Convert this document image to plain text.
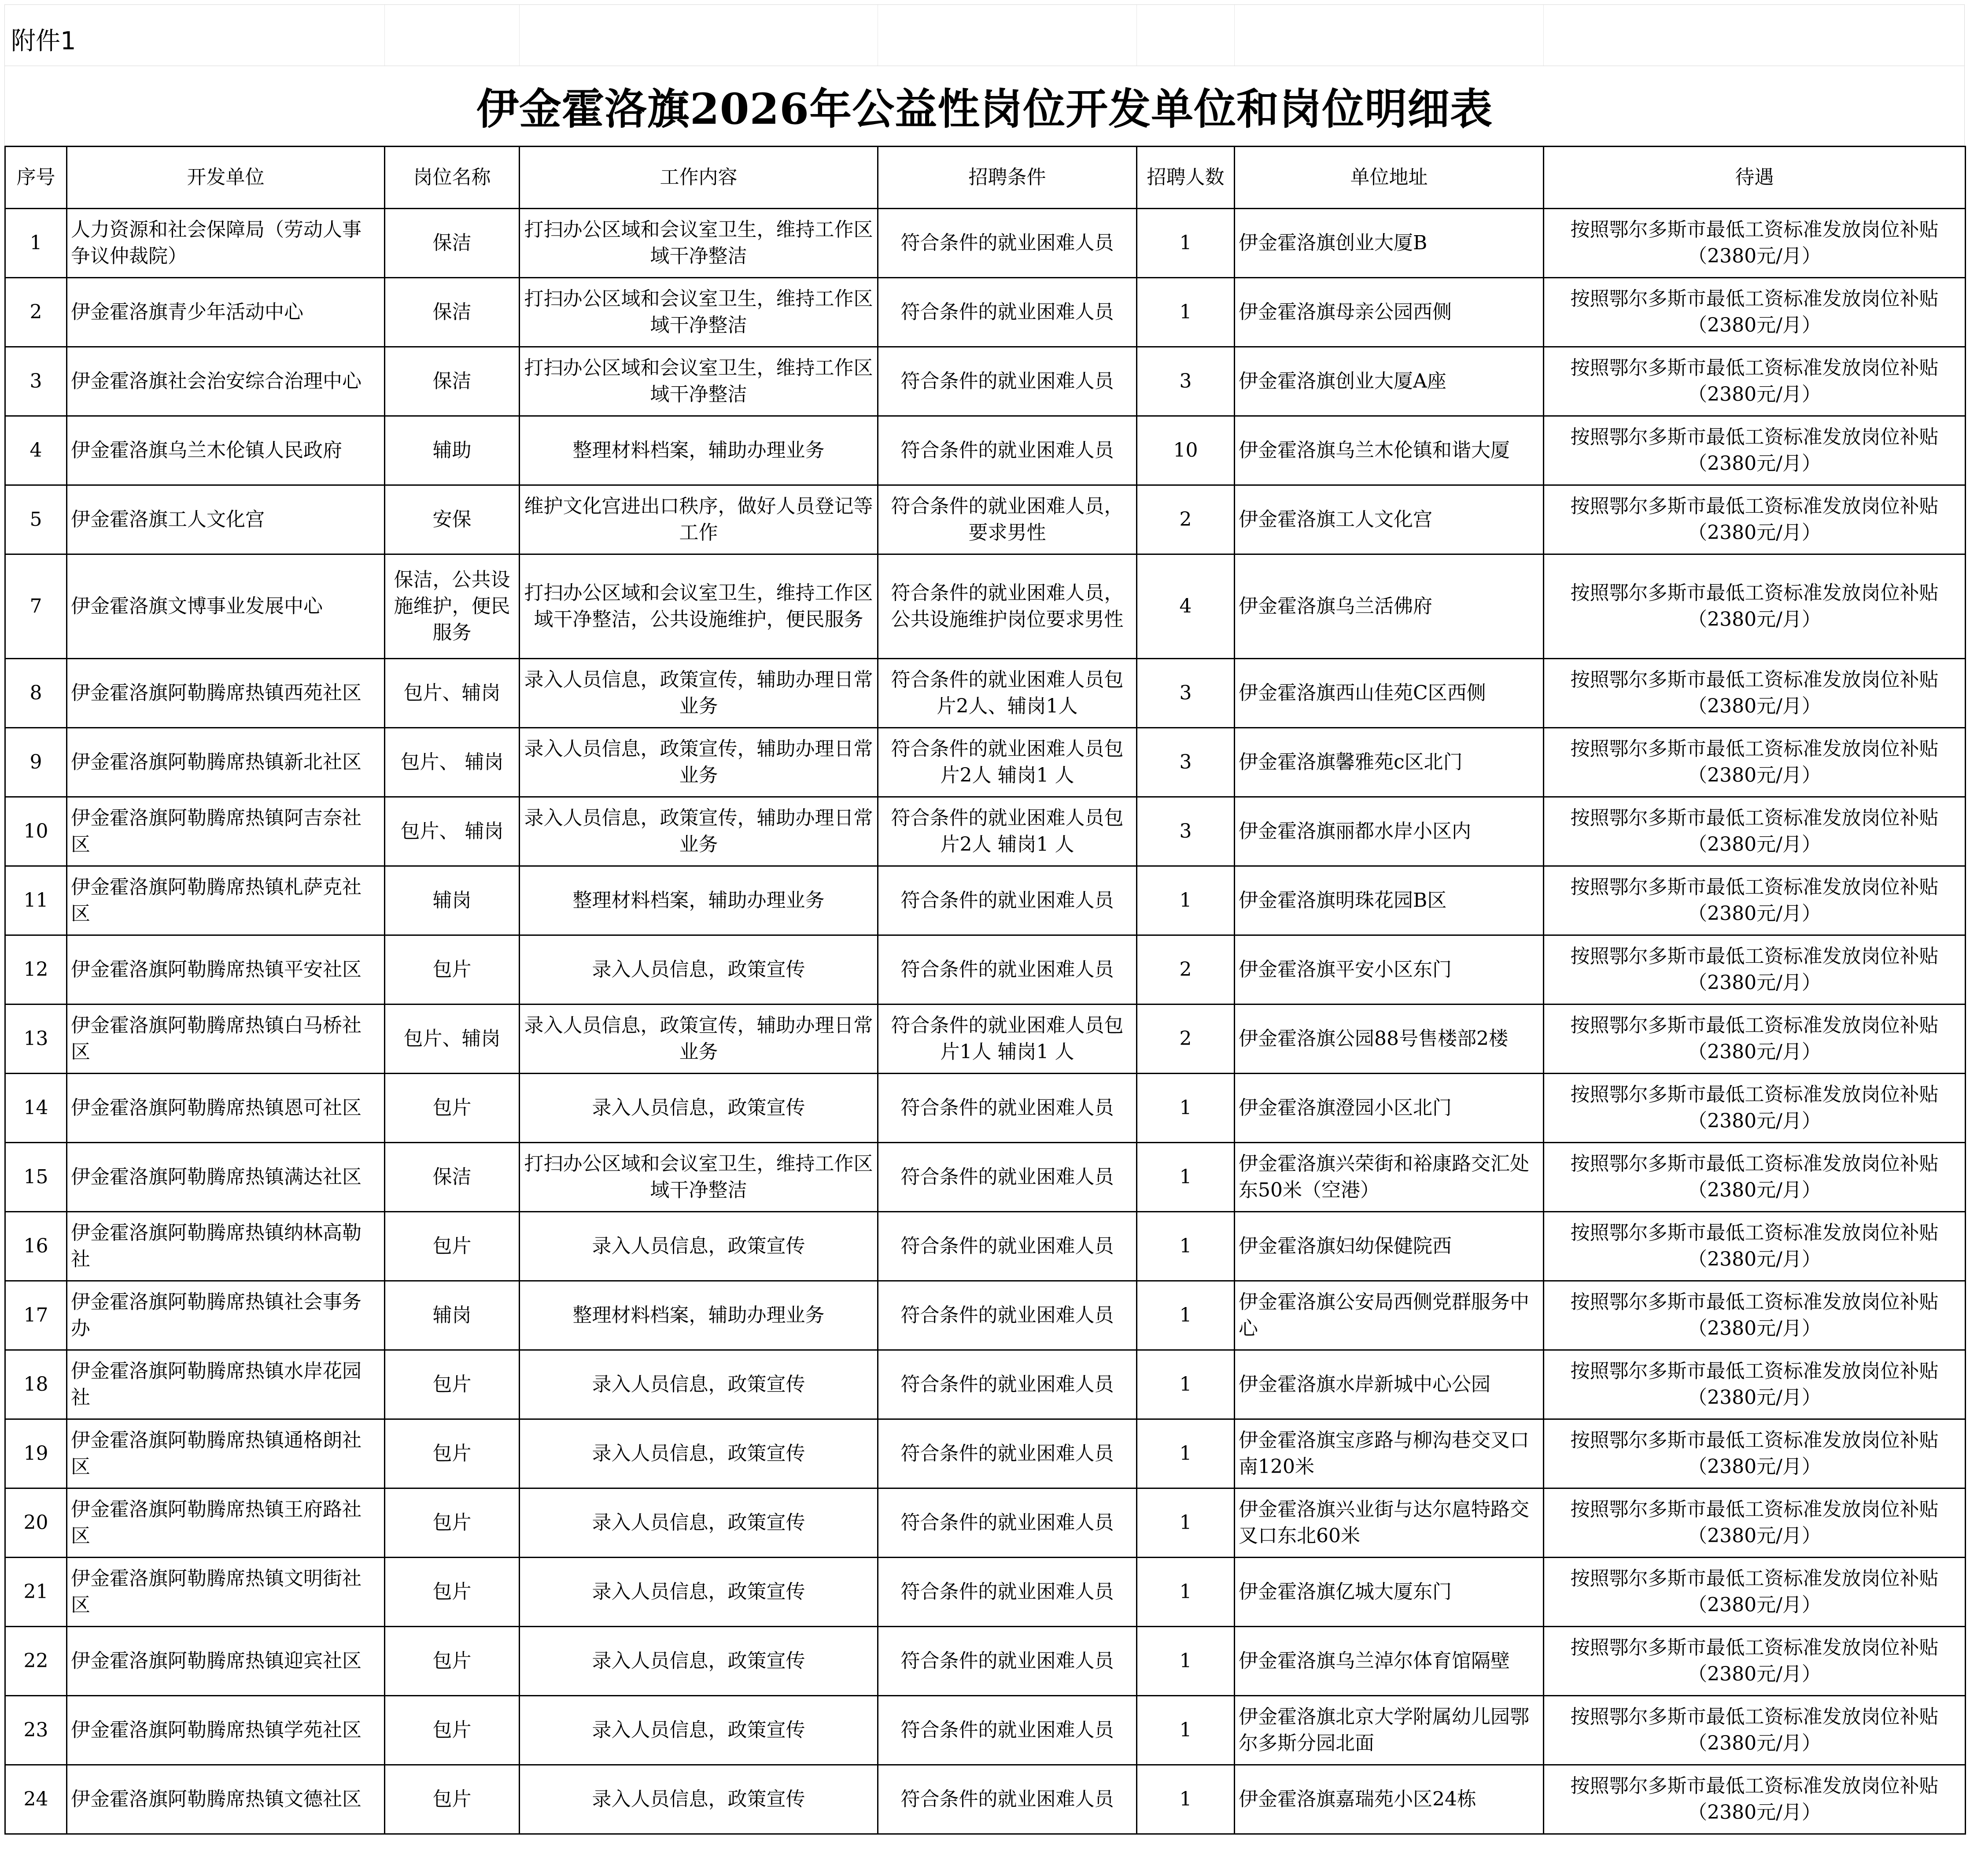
附件1
伊金霍洛旗2026年公益性岗位开发单位和岗位明细表
序号	开发单位	岗位名称	工作内容	招聘条件	招聘人数	单位地址	待遇
1	人力资源和社会保障局（劳动人事争议仲裁院）	保洁	打扫办公区域和会议室卫生，维持工作区域干净整洁	符合条件的就业困难人员	1	伊金霍洛旗创业大厦B	按照鄂尔多斯市最低工资标准发放岗位补贴
（2380元/月）

2	伊金霍洛旗青少年活动中心	保洁	打扫办公区域和会议室卫生，维持工作区域干净整洁	符合条件的就业困难人员	1	伊金霍洛旗母亲公园西侧	按照鄂尔多斯市最低工资标准发放岗位补贴
（2380元/月）

3	伊金霍洛旗社会治安综合治理中心	保洁	打扫办公区域和会议室卫生，维持工作区域干净整洁	符合条件的就业困难人员	3	伊金霍洛旗创业大厦A座	按照鄂尔多斯市最低工资标准发放岗位补贴
（2380元/月）

4	伊金霍洛旗乌兰木伦镇人民政府	辅助	整理材料档案，辅助办理业务	符合条件的就业困难人员	10	伊金霍洛旗乌兰木伦镇和谐大厦	按照鄂尔多斯市最低工资标准发放岗位补贴
（2380元/月）

5	伊金霍洛旗工人文化宫	安保	维护文化宫进出口秩序，做好人员登记等工作	符合条件的就业困难人员，要求男性	2	伊金霍洛旗工人文化宫	按照鄂尔多斯市最低工资标准发放岗位补贴
（2380元/月）

7	伊金霍洛旗文博事业发展中心	保洁，公共设施维护，便民服务	打扫办公区域和会议室卫生，维持工作区域干净整洁，公共设施维护，便民服务	符合条件的就业困难人员，公共设施维护岗位要求男性	4	伊金霍洛旗乌兰活佛府	按照鄂尔多斯市最低工资标准发放岗位补贴
（2380元/月）

8	伊金霍洛旗阿勒腾席热镇西苑社区	包片、辅岗	录入人员信息，政策宣传，辅助办理日常业务	符合条件的就业困难人员包片2人、辅岗1人	3	伊金霍洛旗西山佳苑C区西侧	按照鄂尔多斯市最低工资标准发放岗位补贴
（2380元/月）

9	伊金霍洛旗阿勒腾席热镇新北社区	包片、 辅岗	录入人员信息，政策宣传，辅助办理日常业务	符合条件的就业困难人员包片2人 辅岗1 人	3	伊金霍洛旗馨雅苑c区北门	按照鄂尔多斯市最低工资标准发放岗位补贴
（2380元/月）

10	伊金霍洛旗阿勒腾席热镇阿吉奈社区	包片、 辅岗	录入人员信息，政策宣传，辅助办理日常业务	符合条件的就业困难人员包片2人 辅岗1 人	3	伊金霍洛旗丽都水岸小区内	按照鄂尔多斯市最低工资标准发放岗位补贴
（2380元/月）

11	伊金霍洛旗阿勒腾席热镇札萨克社区	辅岗	整理材料档案，辅助办理业务	符合条件的就业困难人员	1	伊金霍洛旗明珠花园B区	按照鄂尔多斯市最低工资标准发放岗位补贴
（2380元/月）

12	伊金霍洛旗阿勒腾席热镇平安社区	包片	录入人员信息，政策宣传	符合条件的就业困难人员	2	伊金霍洛旗平安小区东门	按照鄂尔多斯市最低工资标准发放岗位补贴
（2380元/月）

13	伊金霍洛旗阿勒腾席热镇白马桥社区	包片、辅岗	录入人员信息，政策宣传，辅助办理日常业务	符合条件的就业困难人员包片1人 辅岗1 人	2	伊金霍洛旗公园88号售楼部2楼	按照鄂尔多斯市最低工资标准发放岗位补贴
（2380元/月）

14	伊金霍洛旗阿勒腾席热镇恩可社区	包片	录入人员信息，政策宣传	符合条件的就业困难人员	1	伊金霍洛旗澄园小区北门	按照鄂尔多斯市最低工资标准发放岗位补贴
（2380元/月）

15	伊金霍洛旗阿勒腾席热镇满达社区	保洁	打扫办公区域和会议室卫生，维持工作区域干净整洁	符合条件的就业困难人员	1	伊金霍洛旗兴荣街和裕康路交汇处东50米（空港）	按照鄂尔多斯市最低工资标准发放岗位补贴
（2380元/月）

16	伊金霍洛旗阿勒腾席热镇纳林高勒社	包片	录入人员信息，政策宣传	符合条件的就业困难人员	1	伊金霍洛旗妇幼保健院西	按照鄂尔多斯市最低工资标准发放岗位补贴
（2380元/月）

17	伊金霍洛旗阿勒腾席热镇社会事务办	辅岗	整理材料档案，辅助办理业务	符合条件的就业困难人员	1	伊金霍洛旗公安局西侧党群服务中心	按照鄂尔多斯市最低工资标准发放岗位补贴
（2380元/月）

18	伊金霍洛旗阿勒腾席热镇水岸花园社	包片	录入人员信息，政策宣传	符合条件的就业困难人员	1	伊金霍洛旗水岸新城中心公园	按照鄂尔多斯市最低工资标准发放岗位补贴
（2380元/月）

19	伊金霍洛旗阿勒腾席热镇通格朗社区	包片	录入人员信息，政策宣传	符合条件的就业困难人员	1	伊金霍洛旗宝彦路与柳沟巷交叉口南120米	按照鄂尔多斯市最低工资标准发放岗位补贴
（2380元/月）

20	伊金霍洛旗阿勒腾席热镇王府路社区	包片	录入人员信息，政策宣传	符合条件的就业困难人员	1	伊金霍洛旗兴业街与达尔扈特路交叉口东北60米	按照鄂尔多斯市最低工资标准发放岗位补贴
（2380元/月）

21	伊金霍洛旗阿勒腾席热镇文明街社区	包片	录入人员信息，政策宣传	符合条件的就业困难人员	1	伊金霍洛旗亿城大厦东门	按照鄂尔多斯市最低工资标准发放岗位补贴
（2380元/月）

22	伊金霍洛旗阿勒腾席热镇迎宾社区	包片	录入人员信息，政策宣传	符合条件的就业困难人员	1	伊金霍洛旗乌兰淖尔体育馆隔壁	按照鄂尔多斯市最低工资标准发放岗位补贴
（2380元/月）

23	伊金霍洛旗阿勒腾席热镇学苑社区	包片	录入人员信息，政策宣传	符合条件的就业困难人员	1	伊金霍洛旗北京大学附属幼儿园鄂尔多斯分园北面	按照鄂尔多斯市最低工资标准发放岗位补贴
（2380元/月）

24	伊金霍洛旗阿勒腾席热镇文德社区	包片	录入人员信息，政策宣传	符合条件的就业困难人员	1	伊金霍洛旗嘉瑞苑小区24栋	按照鄂尔多斯市最低工资标准发放岗位补贴
（2380元/月）
